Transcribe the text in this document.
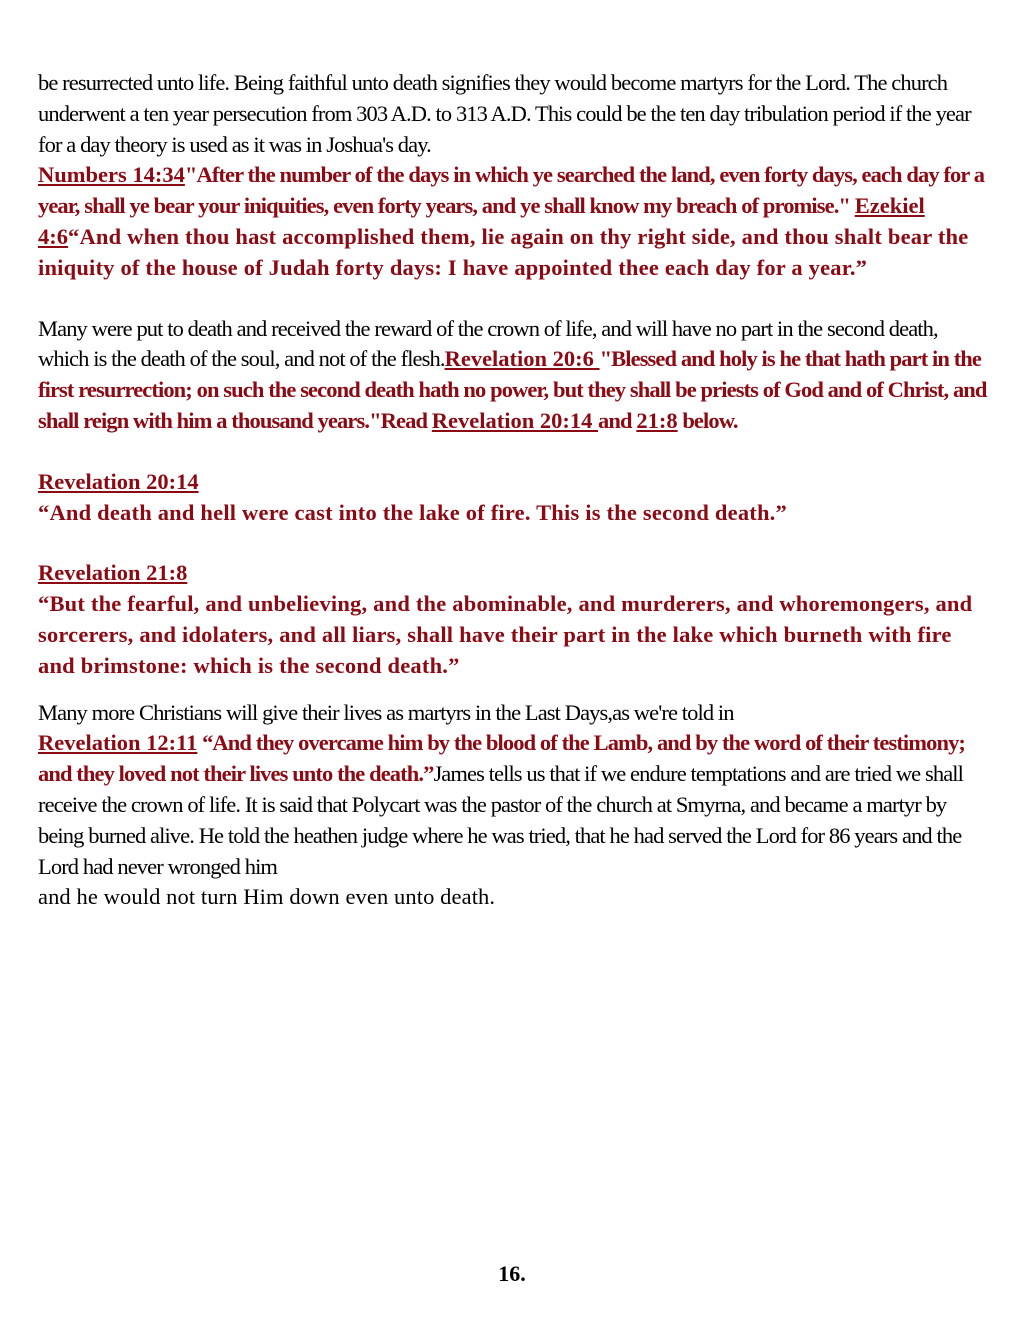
be resurrected unto life. Being faithful unto death signifies they would become martyrs for the Lord. The church underwent a ten year persecution from 303 A.D. to 313 A.D. This could be the ten day tribulation period if the year for a day theory is used as it was in Joshua's day.
Numbers 14:34"After the number of the days in which ye searched the land, even forty days, each day for a year, shall ye bear your iniquities, even forty years, and ye shall know my breach of promise." Ezekiel 4:6“And when thou hast accomplished them, lie again on thy right side, and thou shalt bear the iniquity of the house of Judah forty days: I have appointed thee each day for a year.”

Many were put to death and received the reward of the crown of life, and will have no part in the second death, which is the death of the soul, and not of the flesh.Revelation 20:6 "Blessed and holy is he that hath part in the first resurrection; on such the second death hath no power, but they shall be priests of God and of Christ, and shall reign with him a thousand years."Read Revelation 20:14 and 21:8 below.

Revelation 20:14
“And death and hell were cast into the lake of fire. This is the second death.”

Revelation 21:8
“But the fearful, and unbelieving, and the abominable, and murderers, and whoremongers, and sorcerers, and idolaters, and all liars, shall have their part in the lake which burneth with fire and brimstone: which is the second death.”

Many more Christians will give their lives as martyrs in the Last Days,as we're told in
Revelation 12:11 “And they overcame him by the blood of the Lamb, and by the word of their testimony; and they loved not their lives unto the death.”James tells us that if we endure temptations and are tried we shall receive the crown of life. It is said that Polycart was the pastor of the church at Smyrna, and became a martyr by being burned alive. He told the heathen judge where he was tried, that he had served the Lord for 86 years and the Lord had never wronged him
and he would not turn Him down even unto death.

16.
